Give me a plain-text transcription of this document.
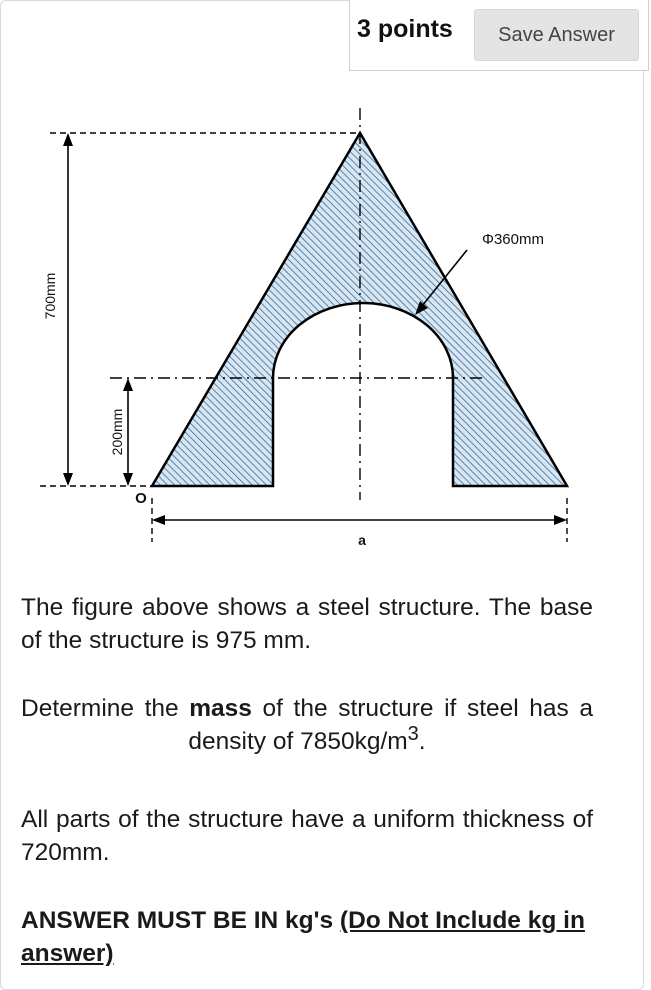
3 points	Save Answer
700mm
200mm
a
O
Φ360mm

The figure above shows a steel structure. The base of the structure is 975 mm.

Determine the mass of the structure if steel has a density of $7850kg/m^3$.

All parts of the structure have a uniform thickness of 720mm.

ANSWER MUST BE IN kg's (Do Not Include kg in answer)
